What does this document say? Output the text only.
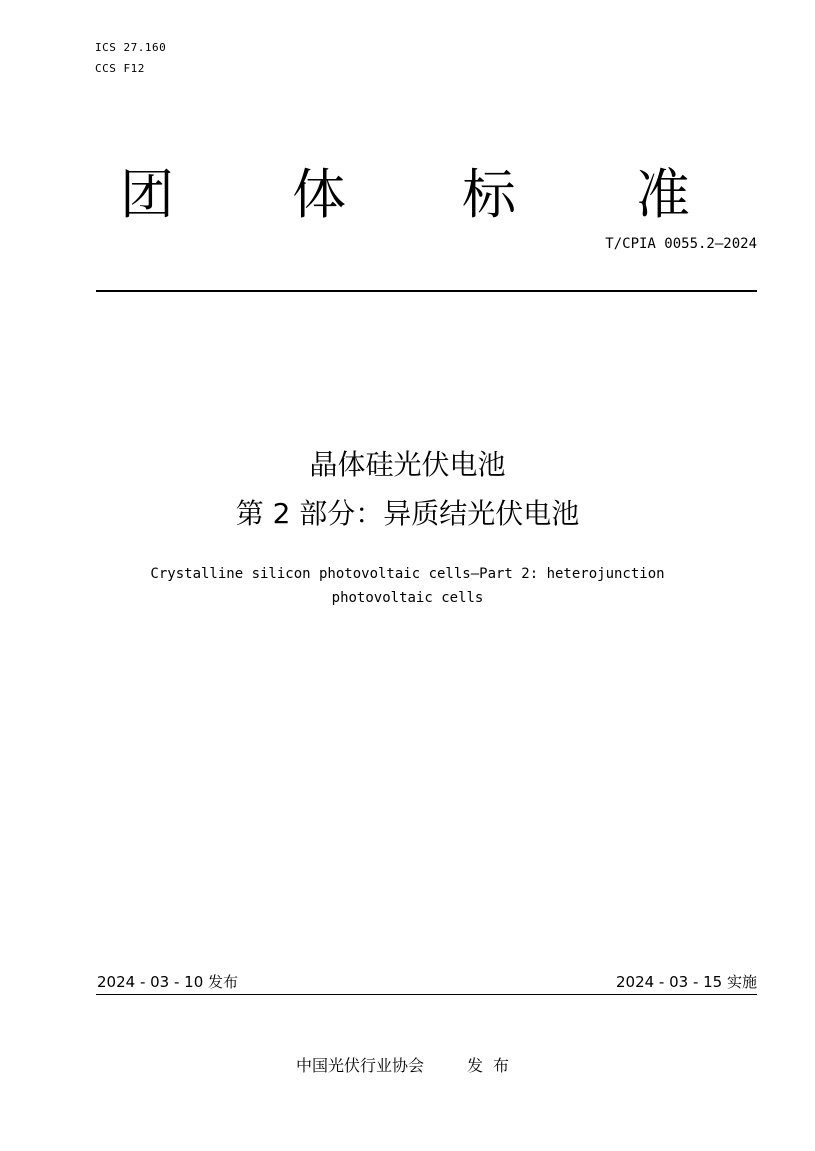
ICS 27.160
CCS F12
团 体 标 准
T/CPIA 0055.2—2024
晶体硅光伏电池
第 2 部分：异质结光伏电池
Crystalline silicon photovoltaic cells—Part 2: heterojunction
photovoltaic cells
2024 - 03 - 10 发布	2024 - 03 - 15 实施
中国光伏行业协会	发布
